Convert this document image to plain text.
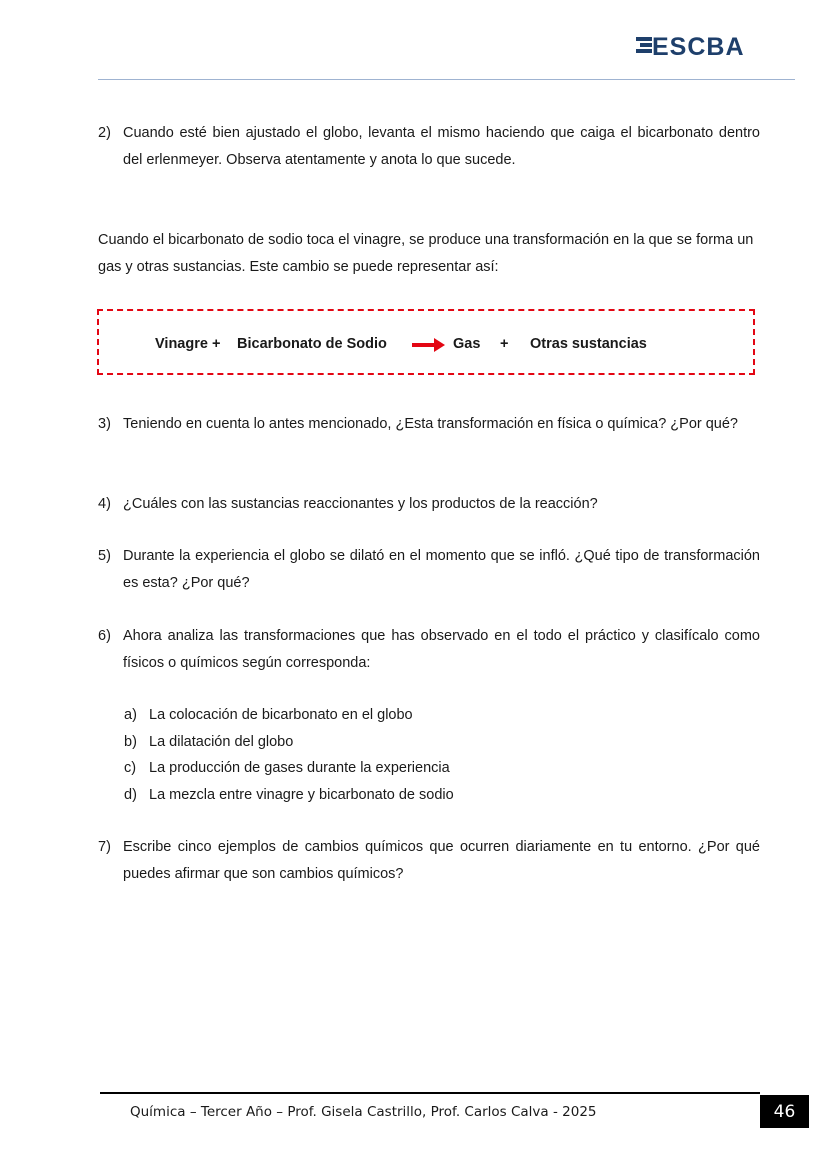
ESCBA
2) Cuando esté bien ajustado el globo, levanta el mismo haciendo que caiga el bicarbonato dentro del erlenmeyer. Observa atentamente y anota lo que sucede.
Cuando el bicarbonato de sodio toca el vinagre, se produce una transformación en la que se forma un gas y otras sustancias. Este cambio se puede representar así:
Vinagre + Bicarbonato de Sodio	Gas + Otras sustancias
3) Teniendo en cuenta lo antes mencionado, ¿Esta transformación en física o química? ¿Por qué?
4) ¿Cuáles con las sustancias reaccionantes y los productos de la reacción?
5) Durante la experiencia el globo se dilató en el momento que se infló. ¿Qué tipo de transformación es esta? ¿Por qué?
6) Ahora analiza las transformaciones que has observado en el todo el práctico y clasifícalo como físicos o químicos según corresponda:
a) La colocación de bicarbonato en el globo
b) La dilatación del globo
c) La producción de gases durante la experiencia
d) La mezcla entre vinagre y bicarbonato de sodio
7) Escribe cinco ejemplos de cambios químicos que ocurren diariamente en tu entorno. ¿Por qué puedes afirmar que son cambios químicos?
Química – Tercer Año – Prof. Gisela Castrillo, Prof. Carlos Calva - 2025	46
